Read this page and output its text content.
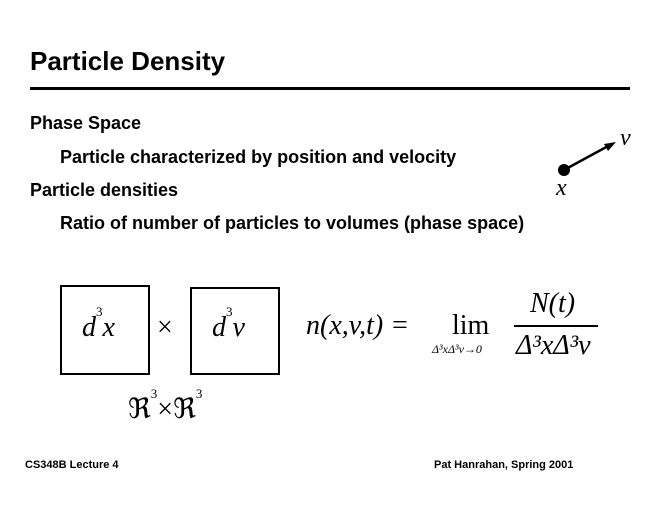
Particle Density
Phase Space
Particle characterized by position and velocity
Particle densities
Ratio of number of particles to volumes (phase space)
v
x
$d^3x \times d^3v$
ℜ$^3$×ℜ$^3$
n(x,v,t) = lim
Δ³xΔ³v→0
N(t)
Δ³xΔ³v
CS348B Lecture 4	Pat Hanrahan, Spring 2001
